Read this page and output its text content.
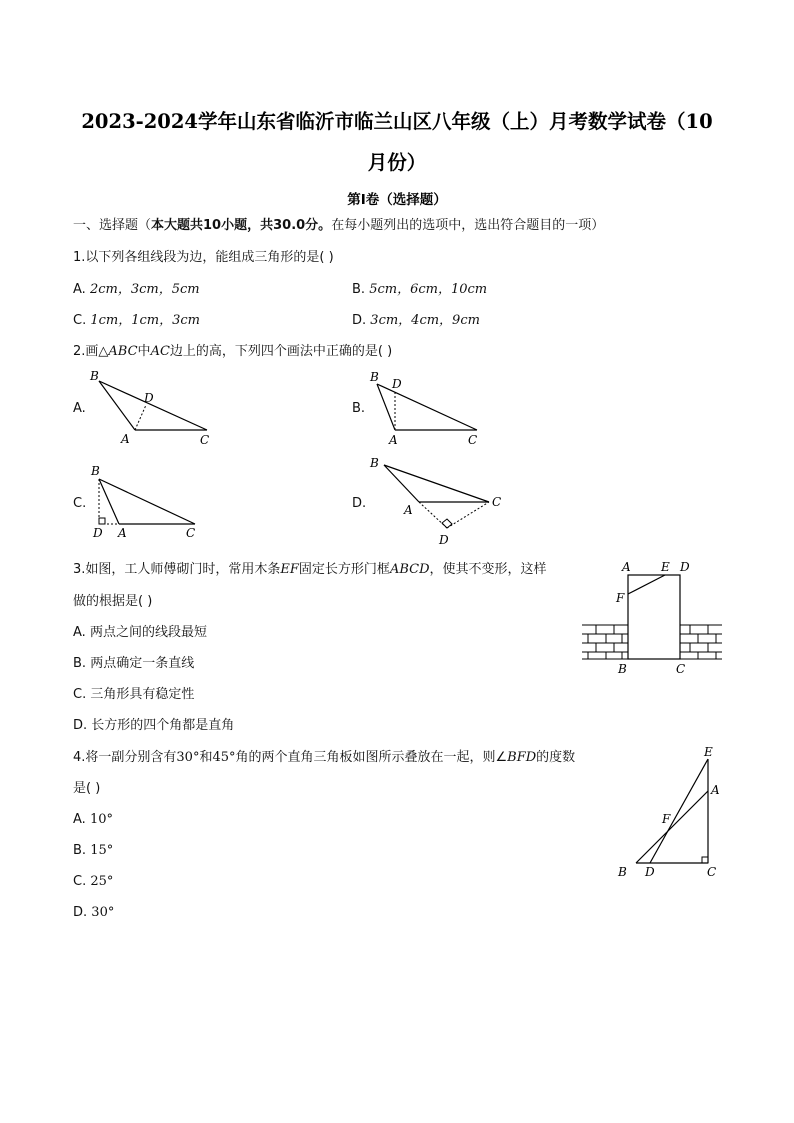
2023-2024学年山东省临沂市临兰山区八年级（上）月考数学试卷（10
月份）
第I卷（选择题）
一、选择题（本大题共10小题，共30.0分。在每小题列出的选项中，选出符合题目的一项）
1.以下列各组线段为边，能组成三角形的是( )
A. 2cm，3cm，5cm	B. 5cm，6cm，10cm
C. 1cm，1cm，3cm	D. 3cm，4cm，9cm
2.画△ABC中AC边上的高，下列四个画法中正确的是( )
A.	B.
C.	D.
B
D
A	C
B D
A	C
B
D A	C
B
A
C
D
3.如图，工人师傅砌门时，常用木条EF固定长方形门框ABCD，使其不变形，这样
做的根据是( )
A. 两点之间的线段最短
B. 两点确定一条直线
C. 三角形具有稳定性
D. 长方形的四个角都是直角
A	E D
F
B	C
4.将一副分别含有30°和45°角的两个直角三角板如图所示叠放在一起，则∠BFD的度数
是( )
A. 10°
B. 15°
C. 25°
D. 30°
E
A
F
B D	C
